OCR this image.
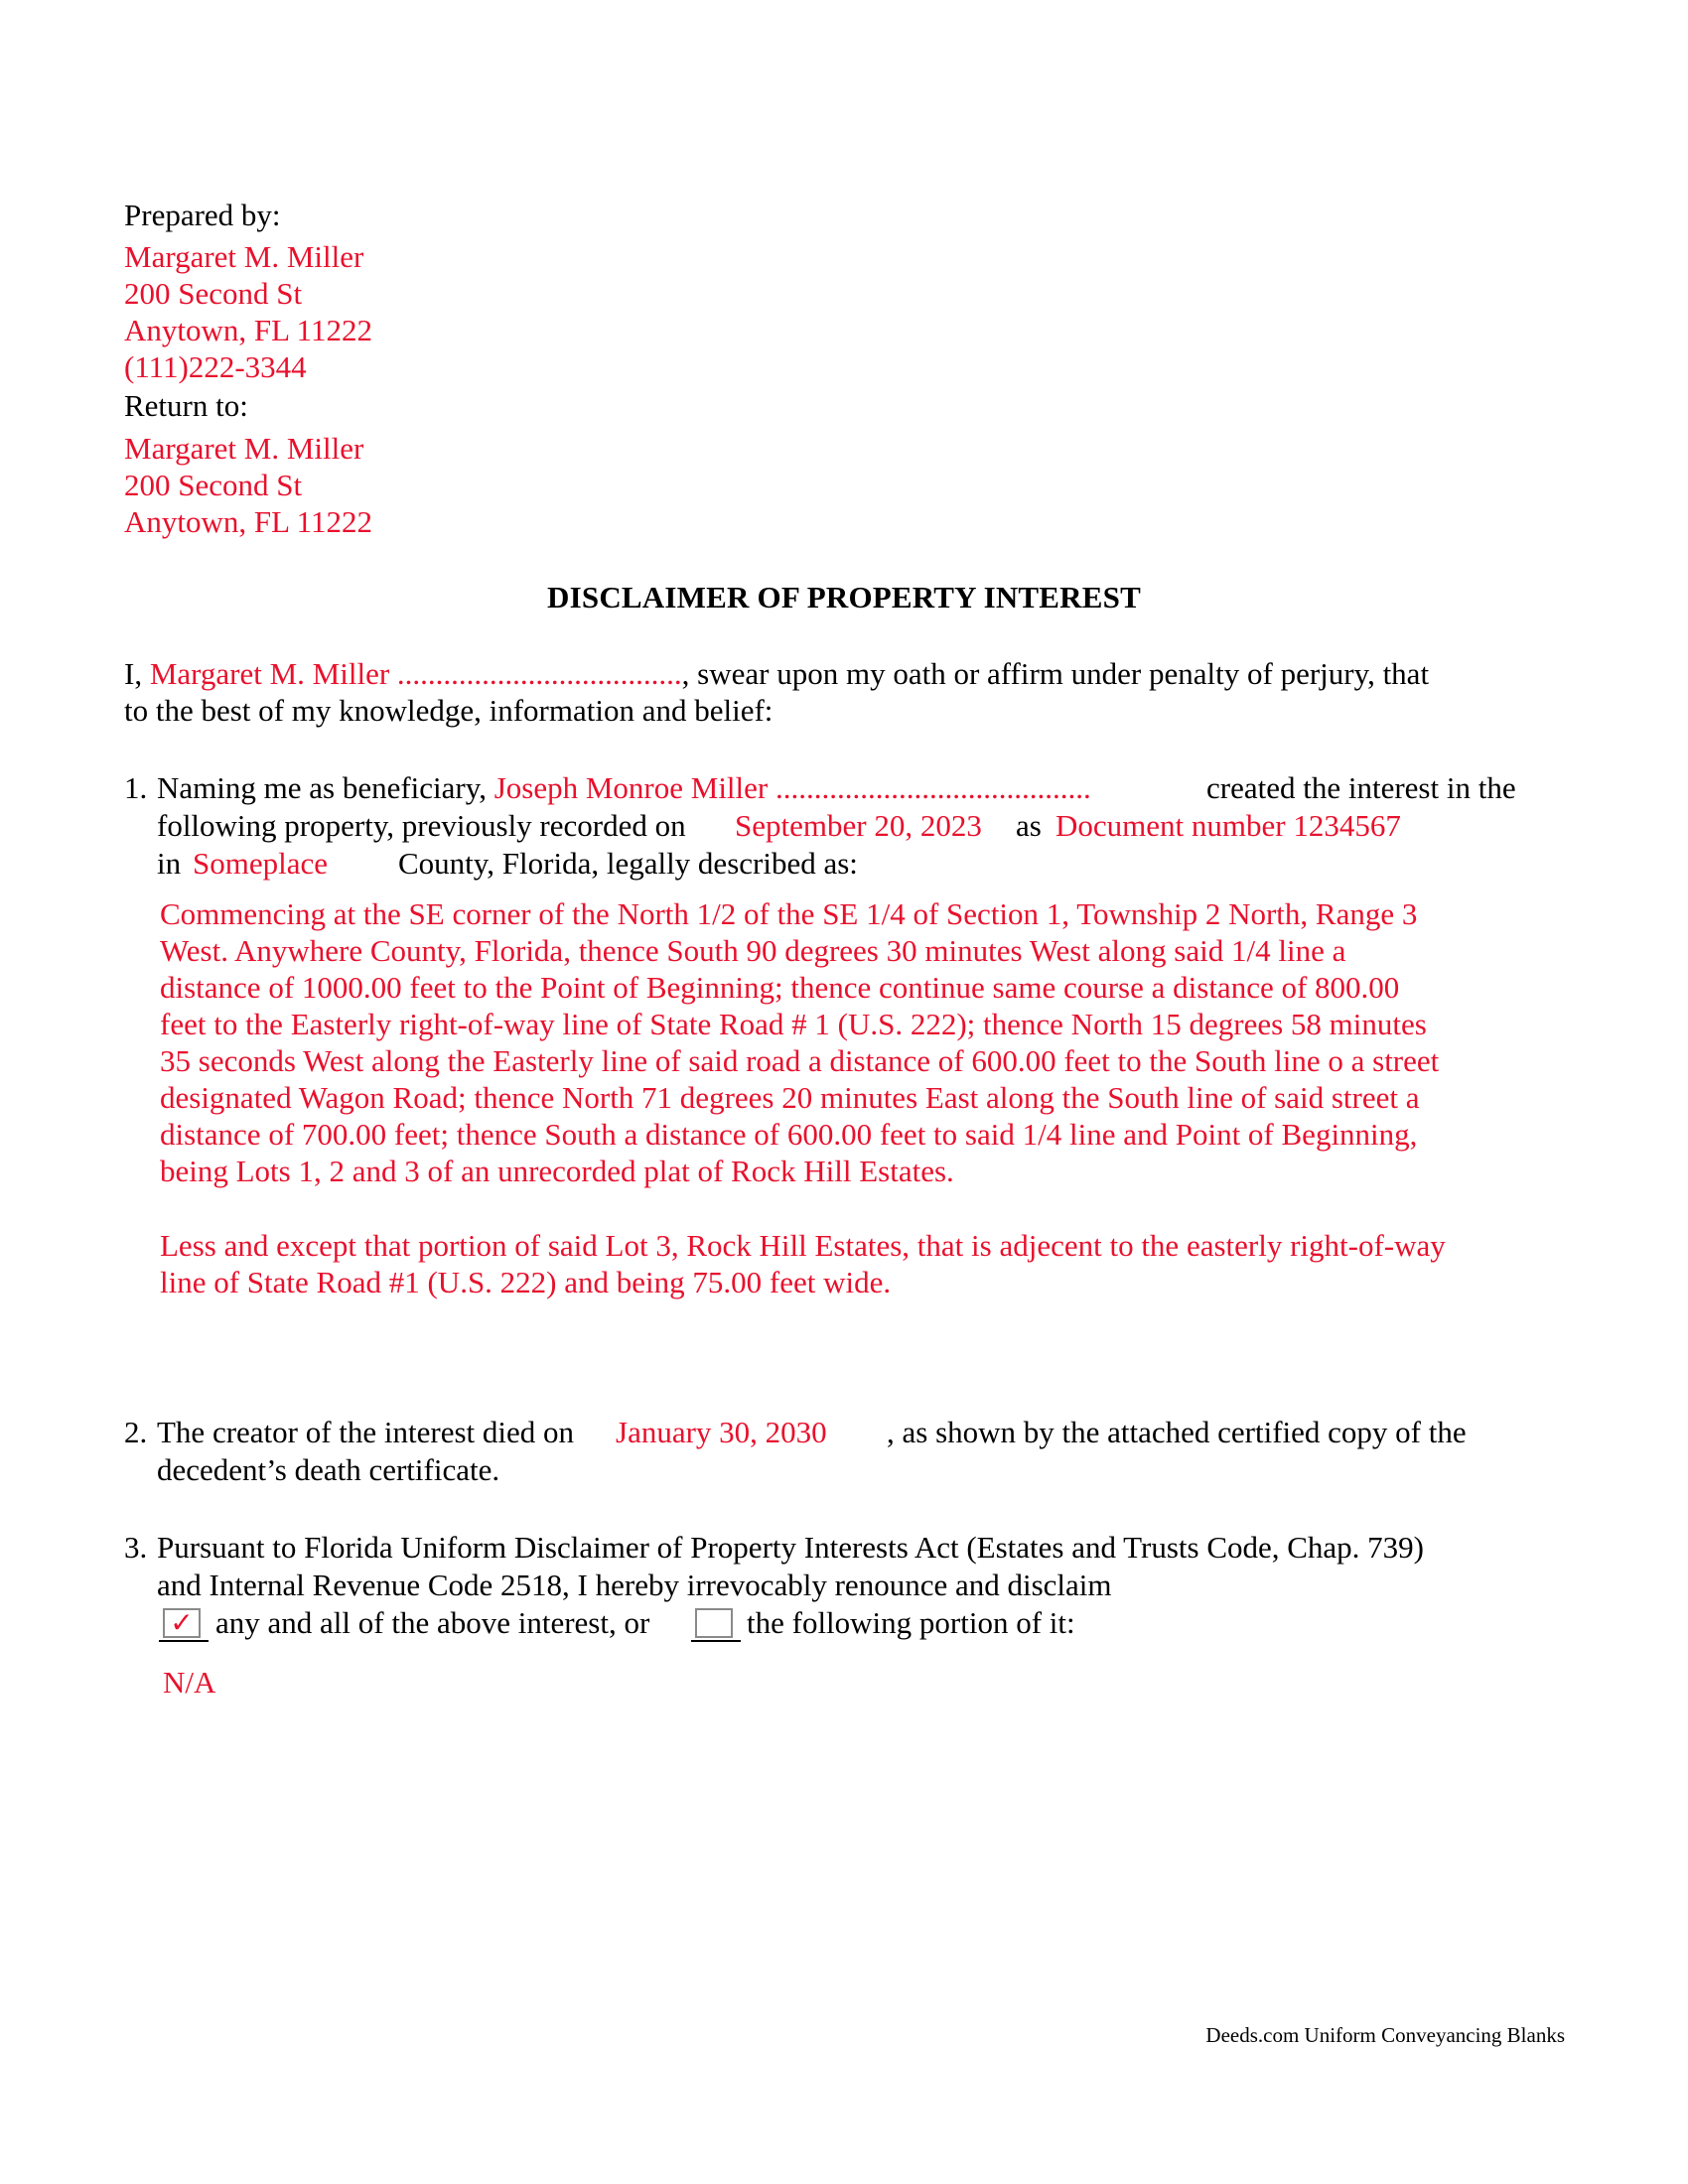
Prepared by:
Margaret M. Miller
200 Second St
Anytown, FL 11222
(111)222-3344
Return to:
Margaret M. Miller
200 Second St
Anytown, FL 11222
DISCLAIMER OF PROPERTY INTEREST
I, Margaret M. Miller ....................................., swear upon my oath or affirm under penalty of perjury, that
to the best of my knowledge, information and belief:
1. Naming me as beneficiary, Joseph Monroe Miller .........................................	created the interest in the
following property, previously recorded on September 20, 2023 as Document number 1234567
in Someplace County, Florida, legally described as:
Commencing at the SE corner of the North 1/2 of the SE 1/4 of Section 1, Township 2 North, Range 3
West. Anywhere County, Florida, thence South 90 degrees 30 minutes West along said 1/4 line a
distance of 1000.00 feet to the Point of Beginning; thence continue same course a distance of 800.00
feet to the Easterly right-of-way line of State Road # 1 (U.S. 222); thence North 15 degrees 58 minutes
35 seconds West along the Easterly line of said road a distance of 600.00 feet to the South line o a street
designated Wagon Road; thence North 71 degrees 20 minutes East along the South line of said street a
distance of 700.00 feet; thence South a distance of 600.00 feet to said 1/4 line and Point of Beginning,
being Lots 1, 2 and 3 of an unrecorded plat of Rock Hill Estates.
Less and except that portion of said Lot 3, Rock Hill Estates, that is adjecent to the easterly right-of-way
line of State Road #1 (U.S. 222) and being 75.00 feet wide.
2. The creator of the interest died on January 30, 2030 , as shown by the attached certified copy of the
decedent’s death certificate.
3. Pursuant to Florida Uniform Disclaimer of Property Interests Act (Estates and Trusts Code, Chap. 739)
and Internal Revenue Code 2518, I hereby irrevocably renounce and disclaim
✓ any and all of the above interest, or	the following portion of it:
N/A
Deeds.com Uniform Conveyancing Blanks
